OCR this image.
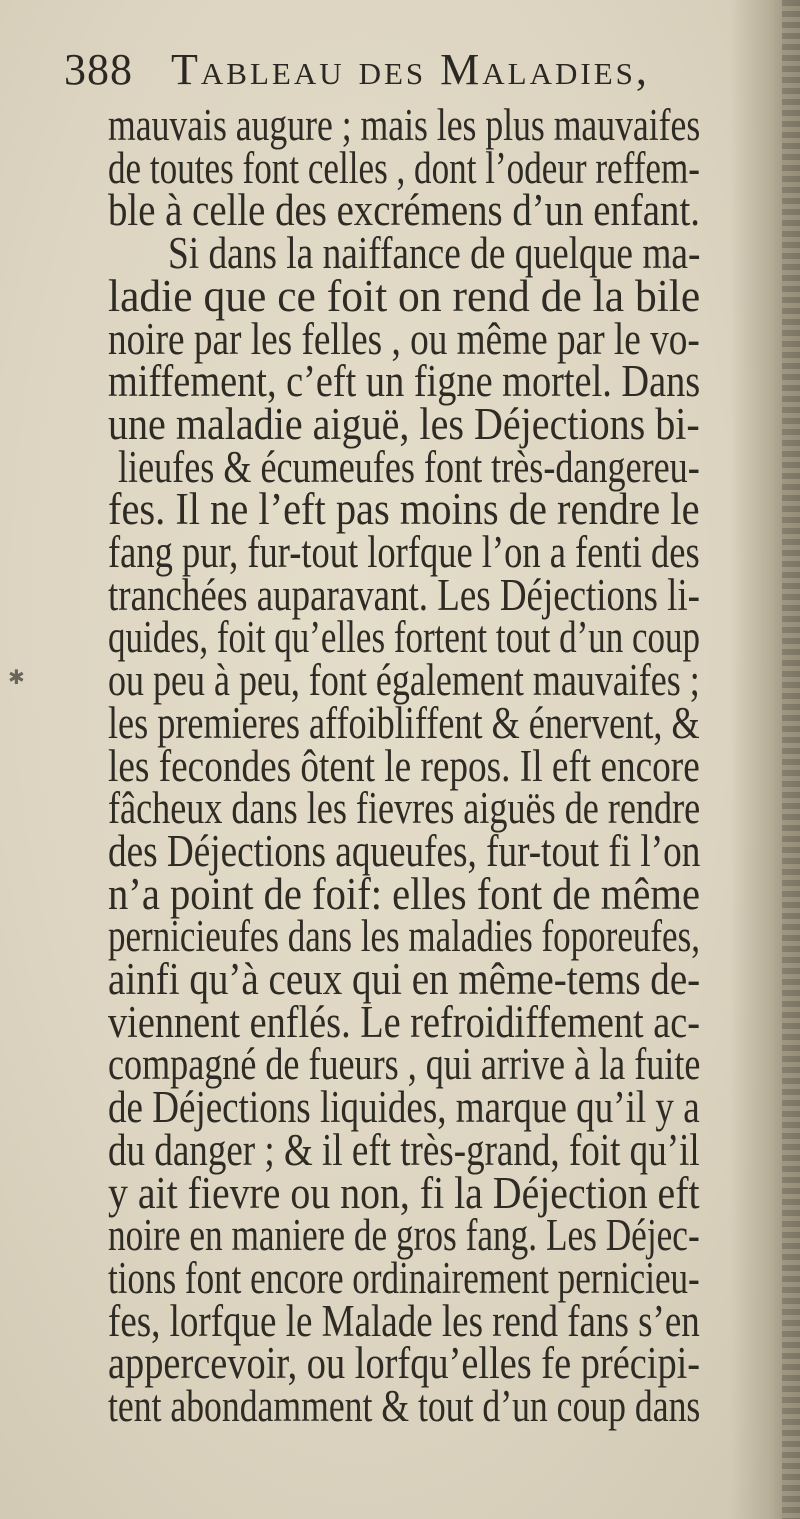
388 Tableau des Maladies,
✱
mauvais augure ; mais les plus mauvaifes
de toutes font celles , dont l’odeur reffem-
ble à celle des excrémens d’un enfant.
Si dans la naiffance de quelque ma-
ladie que ce foit on rend de la bile
noire par les felles , ou même par le vo-
miffement, c’eft un figne mortel. Dans
une maladie aiguë, les Déjections bi-
lieufes & écumeufes font très-dangereu-
fes. Il ne l’eft pas moins de rendre le
fang pur, fur-tout lorfque l’on a fenti des
tranchées auparavant. Les Déjections li-
quides, foit qu’elles fortent tout d’un coup
ou peu à peu, font également mauvaifes ;
les premieres affoibliffent & énervent, &
les fecondes ôtent le repos. Il eft encore
fâcheux dans les fievres aiguës de rendre
des Déjections aqueufes, fur-tout fi l’on
n’a point de foif: elles font de même
pernicieufes dans les maladies foporeufes,
ainfi qu’à ceux qui en même-tems de-
viennent enflés. Le refroidiffement ac-
compagné de fueurs , qui arrive à la fuite
de Déjections liquides, marque qu’il y a
du danger ; & il eft très-grand, foit qu’il
y ait fievre ou non, fi la Déjection eft
noire en maniere de gros fang. Les Déjec-
tions font encore ordinairement pernicieu-
fes, lorfque le Malade les rend fans s’en
appercevoir, ou lorfqu’elles fe précipi-
tent abondamment & tout d’un coup dans
